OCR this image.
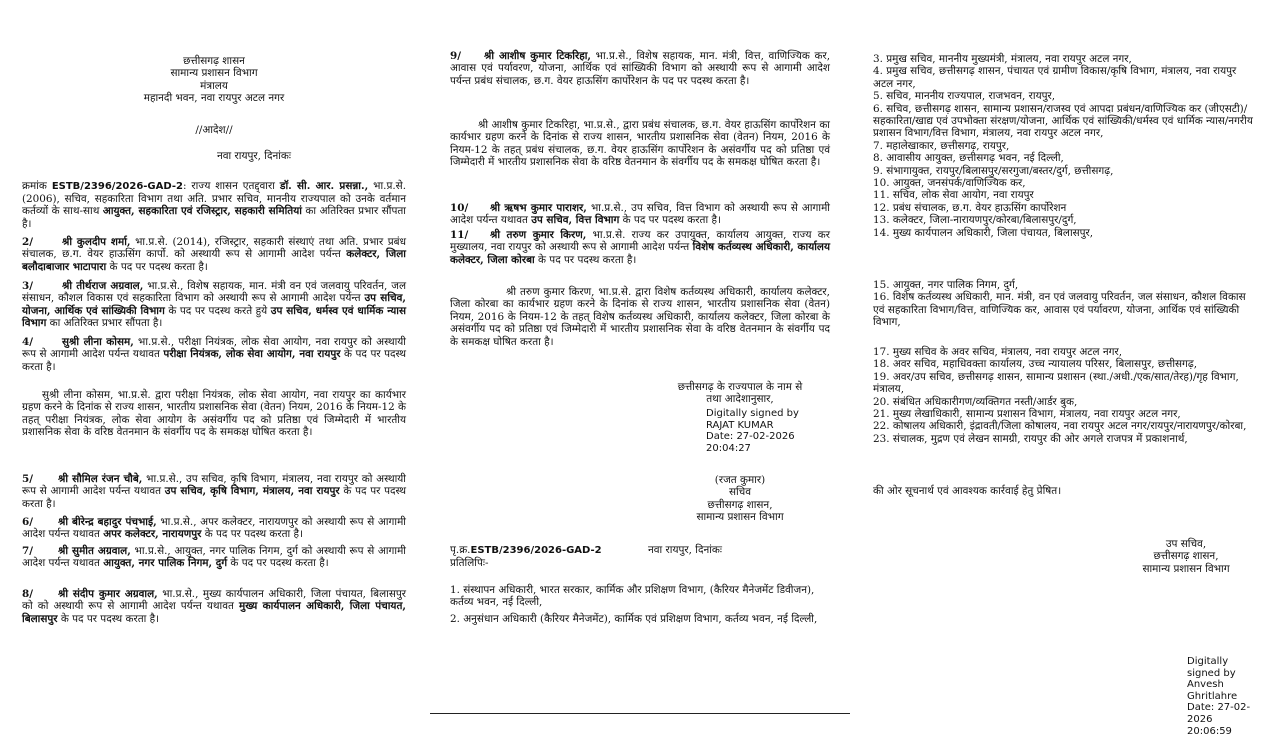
छत्तीसगढ़ शासन
सामान्य प्रशासन विभाग
मंत्रालय
महानदी भवन, नवा रायपुर अटल नगर
//आदेश//
नवा रायपुर, दिनांकः

क्रमांक ESTB/2396/2026-GAD-2: राज्य शासन एतद्द्वारा डॉ. सी. आर. प्रसन्ना., भा.प्र.से. (2006), सचिव, सहकारिता विभाग तथा अति. प्रभार सचिव, माननीय राज्यपाल को उनके वर्तमान कर्तव्यों के साथ-साथ आयुक्त, सहकारिता एवं रजिस्ट्रार, सहकारी समितियां का अतिरिक्त प्रभार सौंपता है।

2/	श्री कुलदीप शर्मा, भा.प्र.से. (2014), रजिस्ट्रार, सहकारी संस्थाएं तथा अति. प्रभार प्रबंध संचालक, छ.ग. वेयर हाऊसिंग कार्पो. को अस्थायी रूप से आगामी आदेश पर्यन्त कलेक्टर, जिला बलौदाबाजार भाटापारा के पद पर पदस्थ करता है।

3/	श्री तीर्थराज अग्रवाल, भा.प्र.से., विशेष सहायक, मान. मंत्री वन एवं जलवायु परिवर्तन, जल संसाधन, कौशल विकास एवं सहकारिता विभाग को अस्थायी रूप से आगामी आदेश पर्यन्त उप सचिव, योजना, आर्थिक एवं सांख्यिकी विभाग के पद पर पदस्थ करते हुये उप सचिव, धर्मस्व एवं धार्मिक न्यास विभाग का अतिरिक्त प्रभार सौंपता है।

4/	सुश्री लीना कोसम, भा.प्र.से., परीक्षा नियंत्रक, लोक सेवा आयोग, नवा रायपुर को अस्थायी रूप से आगामी आदेश पर्यन्त यथावत परीक्षा नियंत्रक, लोक सेवा आयोग, नवा रायपुर के पद पर पदस्थ करता है।

सुश्री लीना कोसम, भा.प्र.से. द्वारा परीक्षा नियंत्रक, लोक सेवा आयोग, नवा रायपुर का कार्यभार ग्रहण करने के दिनांक से राज्य शासन, भारतीय प्रशासनिक सेवा (वेतन) नियम, 2016 के नियम-12 के तहत् परीक्षा नियंत्रक, लोक सेवा आयोग के असंवर्गीय पद को प्रतिष्ठा एवं जिम्मेदारी में भारतीय प्रशासनिक सेवा के वरिष्ठ वेतनमान के संवर्गीय पद के समकक्ष घोषित करता है।

5/ श्री सौमिल रंजन चौबे, भा.प्र.से., उप सचिव, कृषि विभाग, मंत्रालय, नवा रायपुर को अस्थायी रूप से आगामी आदेश पर्यन्त यथावत उप सचिव, कृषि विभाग, मंत्रालय, नवा रायपुर के पद पर पदस्थ करता है।

6/ श्री बीरेन्द्र बहादुर पंचभाई, भा.प्र.से., अपर कलेक्टर, नारायणपुर को अस्थायी रूप से आगामी आदेश पर्यन्त यथावत अपर कलेक्टर, नारायणपुर के पद पर पदस्थ करता है।

7/ श्री सुमीत अग्रवाल, भा.प्र.से., आयुक्त, नगर पालिक निगम, दुर्ग को अस्थायी रूप से आगामी आदेश पर्यन्त यथावत आयुक्त, नगर पालिक निगम, दुर्ग के पद पर पदस्थ करता है।

8/ श्री संदीप कुमार अग्रवाल, भा.प्र.से., मुख्य कार्यपालन अधिकारी, जिला पंचायत, बिलासपुर को को अस्थायी रूप से आगामी आदेश पर्यन्त यथावत मुख्य कार्यपालन अधिकारी, जिला पंचायत, बिलासपुर के पद पर पदस्थ करता है।

9/ श्री आशीष कुमार टिकरिहा, भा.प्र.से., विशेष सहायक, मान. मंत्री, वित्त, वाणिज्यिक कर, आवास एवं पर्यावरण, योजना, आर्थिक एवं सांख्यिकी विभाग को अस्थायी रूप से आगामी आदेश पर्यन्त प्रबंध संचालक, छ.ग. वेयर हाऊसिंग कार्पोरेशन के पद पर पदस्थ करता है।

श्री आशीष कुमार टिकरिहा, भा.प्र.से., द्वारा प्रबंध संचालक, छ.ग. वेयर हाऊसिंग कार्पोरेशन का कार्यभार ग्रहण करने के दिनांक से राज्य शासन, भारतीय प्रशासनिक सेवा (वेतन) नियम, 2016 के नियम-12 के तहत् प्रबंध संचालक, छ.ग. वेयर हाऊसिंग कार्पोरेशन के असंवर्गीय पद को प्रतिष्ठा एवं जिम्मेदारी में भारतीय प्रशासनिक सेवा के वरिष्ठ वेतनमान के संवर्गीय पद के समकक्ष घोषित करता है।

10/ श्री ऋषभ कुमार पाराशर, भा.प्र.से., उप सचिव, वित्त विभाग को अस्थायी रूप से आगामी आदेश पर्यन्त यथावत उप सचिव, वित्त विभाग के पद पर पदस्थ करता है।

11/ श्री तरुण कुमार किरण, भा.प्र.से. राज्य कर उपायुक्त, कार्यालय आयुक्त, राज्य कर मुख्यालय, नवा रायपुर को अस्थायी रूप से आगामी आदेश पर्यन्त विशेष कर्तव्यस्थ अधिकारी, कार्यालय कलेक्टर, जिला कोरबा के पद पर पदस्थ करता है।

श्री तरुण कुमार किरण, भा.प्र.से. द्वारा विशेष कर्तव्यस्थ अधिकारी, कार्यालय कलेक्टर, जिला कोरबा का कार्यभार ग्रहण करने के दिनांक से राज्य शासन, भारतीय प्रशासनिक सेवा (वेतन) नियम, 2016 के नियम-12 के तहत् विशेष कर्तव्यस्थ अधिकारी, कार्यालय कलेक्टर, जिला कोरबा के असंवर्गीय पद को प्रतिष्ठा एवं जिम्मेदारी में भारतीय प्रशासनिक सेवा के वरिष्ठ वेतनमान के संवर्गीय पद के समकक्ष घोषित करता है।

छत्तीसगढ़ के राज्यपाल के नाम से
तथा आदेशानुसार,
Digitally signed by
RAJAT KUMAR
Date: 27-02-2026
20:04:27
(रजत कुमार)
सचिव
छत्तीसगढ़ शासन,
सामान्य प्रशासन विभाग
पृ.क्र.ESTB/2396/2026-GAD-2	नवा रायपुर, दिनांकः
प्रतिलिपिः-

1. संस्थापन अधिकारी, भारत सरकार, कार्मिक और प्रशिक्षण विभाग, (कैरियर मैनेजमेंट डिवीजन), कर्तव्य भवन, नई दिल्ली,

2. अनुसंधान अधिकारी (कैरियर मैनेजमेंट), कार्मिक एवं प्रशिक्षण विभाग, कर्तव्य भवन, नई दिल्ली,

3. प्रमुख सचिव, माननीय मुख्यमंत्री, मंत्रालय, नवा रायपुर अटल नगर,
4. प्रमुख सचिव, छत्तीसगढ़ शासन, पंचायत एवं ग्रामीण विकास/कृषि विभाग, मंत्रालय, नवा रायपुर अटल नगर,
5. सचिव, माननीय राज्यपाल, राजभवन, रायपुर,
6. सचिव, छत्तीसगढ़ शासन, सामान्य प्रशासन/राजस्व एवं आपदा प्रबंधन/वाणिज्यिक कर (जीएसटी)/सहकारिता/खाद्य एवं उपभोक्ता संरक्षण/योजना, आर्थिक एवं सांख्यिकी/धर्मस्व एवं धार्मिक न्यास/नगरीय प्रशासन विभाग/वित्त विभाग, मंत्रालय, नवा रायपुर अटल नगर,
7. महालेखाकार, छत्तीसगढ़, रायपुर,
8. आवासीय आयुक्त, छत्तीसगढ़ भवन, नई दिल्ली,
9. संभागायुक्त, रायपुर/बिलासपुर/सरगुजा/बस्तर/दुर्ग, छत्तीसगढ़,
10. आयुक्त, जनसंपर्क/वाणिज्यिक कर,
11. सचिव, लोक सेवा आयोग, नवा रायपुर
12. प्रबंध संचालक, छ.ग. वेयर हाऊसिंग कार्पोरेशन
13. कलेक्टर, जिला-नारायणपुर/कोरबा/बिलासपुर/दुर्ग,
14. मुख्य कार्यपालन अधिकारी, जिला पंचायत, बिलासपुर,
15. आयुक्त, नगर पालिक निगम, दुर्ग,
16. विशेष कर्तव्यस्थ अधिकारी, मान. मंत्री, वन एवं जलवायु परिवर्तन, जल संसाधन, कौशल विकास एवं सहकारिता विभाग/वित्त, वाणिज्यिक कर, आवास एवं पर्यावरण, योजना, आर्थिक एवं सांख्यिकी विभाग,
17. मुख्य सचिव के अवर सचिव, मंत्रालय, नवा रायपुर अटल नगर,
18. अवर सचिव, महाधिवक्ता कार्यालय, उच्च न्यायालय परिसर, बिलासपुर, छत्तीसगढ़,
19. अवर/उप सचिव, छत्तीसगढ़ शासन, सामान्य प्रशासन (स्था./अधी./एक/सात/तेरह)/गृह विभाग, मंत्रालय,
20. संबंधित अधिकारीगण/व्यक्तिगत नस्ती/आर्डर बुक,
21. मुख्य लेखाधिकारी, सामान्य प्रशासन विभाग, मंत्रालय, नवा रायपुर अटल नगर,
22. कोषालय अधिकारी, इंद्रावती/जिला कोषालय, नवा रायपुर अटल नगर/रायपुर/नारायणपुर/कोरबा,
23. संचालक, मुद्रण एवं लेखन सामग्री, रायपुर की ओर अगले राजपत्र में प्रकाशनार्थ,
की ओर सूचनार्थ एवं आवश्यक कार्रवाई हेतु प्रेषित।
उप सचिव,
छत्तीसगढ़ शासन,
सामान्य प्रशासन विभाग
Digitally signed by
Anvesh Ghritlahre
Date: 27-02-2026
20:06:59
